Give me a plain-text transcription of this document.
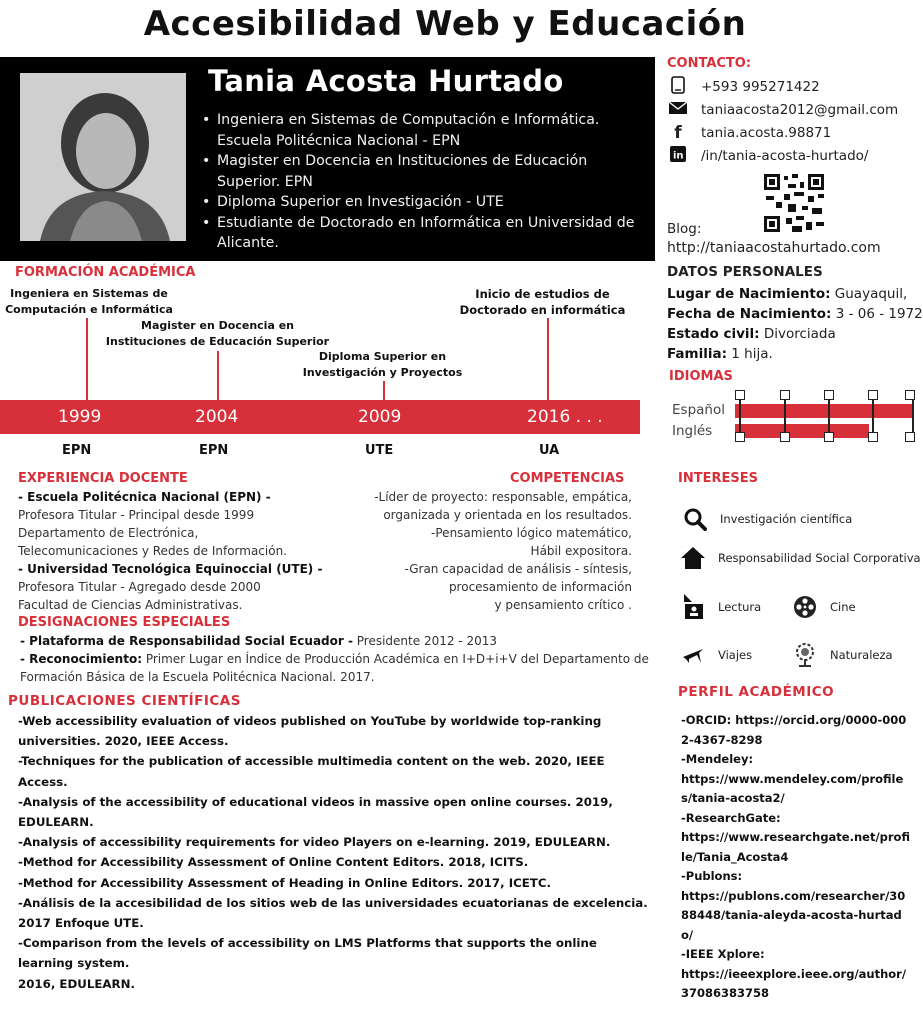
Accesibilidad Web y Educación
Tania Acosta Hurtado
• Ingeniera en Sistemas de Computación e Informática. Escuela Politécnica Nacional - EPN
• Magister en Docencia en Instituciones de Educación Superior. EPN
• Diploma Superior en Investigación - UTE
• Estudiante de Doctorado en Informática en Universidad de Alicante.
CONTACTO:
+593 995271422
taniaacosta2012@gmail.com
f	tania.acosta.98871
in /in/tania-acosta-hurtado/
Blog:
http://taniaacostahurtado.com
DATOS PERSONALES
Lugar de Nacimiento: Guayaquil,
Fecha de Nacimiento: 3 - 06 - 1972
Estado civil: Divorciada
Familia: 1 hija.
IDIOMAS
Español
Inglés
INTERESES
Investigación científica
Responsabilidad Social Corporativa
Lectura	Cine
Viajes	Naturaleza
FORMACIÓN ACADÉMICA
Ingeniera en Sistemas de
Computación e Informática
Magister en Docencia en
Instituciones de Educación Superior
Diploma Superior en
Investigación y Proyectos
Inicio de estudios de
Doctorado en informática
1999	2004	2009	2016 . . .
EPN	EPN	UTE	UA
EXPERIENCIA DOCENTE
- Escuela Politécnica Nacional (EPN) -
Profesora Titular - Principal desde 1999
Departamento de Electrónica,
Telecomunicaciones y Redes de Información.
- Universidad Tecnológica Equinoccial (UTE) -
Profesora Titular - Agregado desde 2000
Facultad de Ciencias Administrativas.
COMPETENCIAS
-Líder de proyecto: responsable, empática,
organizada y orientada en los resultados.
-Pensamiento lógico matemático,
Hábil expositora.
-Gran capacidad de análisis - síntesis,
procesamiento de información
y pensamiento crítico .
DESIGNACIONES ESPECIALES
- Plataforma de Responsabilidad Social Ecuador - Presidente 2012 - 2013
- Reconocimiento: Primer Lugar en Índice de Producción Académica en I+D+i+V del Departamento de Formación Básica de la Escuela Politécnica Nacional. 2017.
PUBLICACIONES CIENTÍFICAS
-Web accessibility evaluation of videos published on YouTube by worldwide top-ranking universities. 2020, IEEE Access.
-Techniques for the publication of accessible multimedia content on the web. 2020, IEEE Access.
-Analysis of the accessibility of educational videos in massive open online courses. 2019, EDULEARN.
-Analysis of accessibility requirements for video Players on e-learning. 2019, EDULEARN.
-Method for Accessibility Assessment of Online Content Editors. 2018, ICITS.
-Method for Accessibility Assessment of Heading in Online Editors. 2017, ICETC.
-Análisis de la accesibilidad de los sitios web de las universidades ecuatorianas de excelencia. 2017 Enfoque UTE.
-Comparison from the levels of accessibility on LMS Platforms that supports the online learning system.
2016, EDULEARN.
PERFIL ACADÉMICO
-ORCID: https://orcid.org/0000-0002-4367-8298
-Mendeley:
https://www.mendeley.com/profiles/tania-acosta2/
-ResearchGate:
https://www.researchgate.net/profile/Tania_Acosta4
-Publons:
https://publons.com/researcher/3088448/tania-aleyda-acosta-hurtado/
-IEEE Xplore:
https://ieeexplore.ieee.org/author/37086383758
